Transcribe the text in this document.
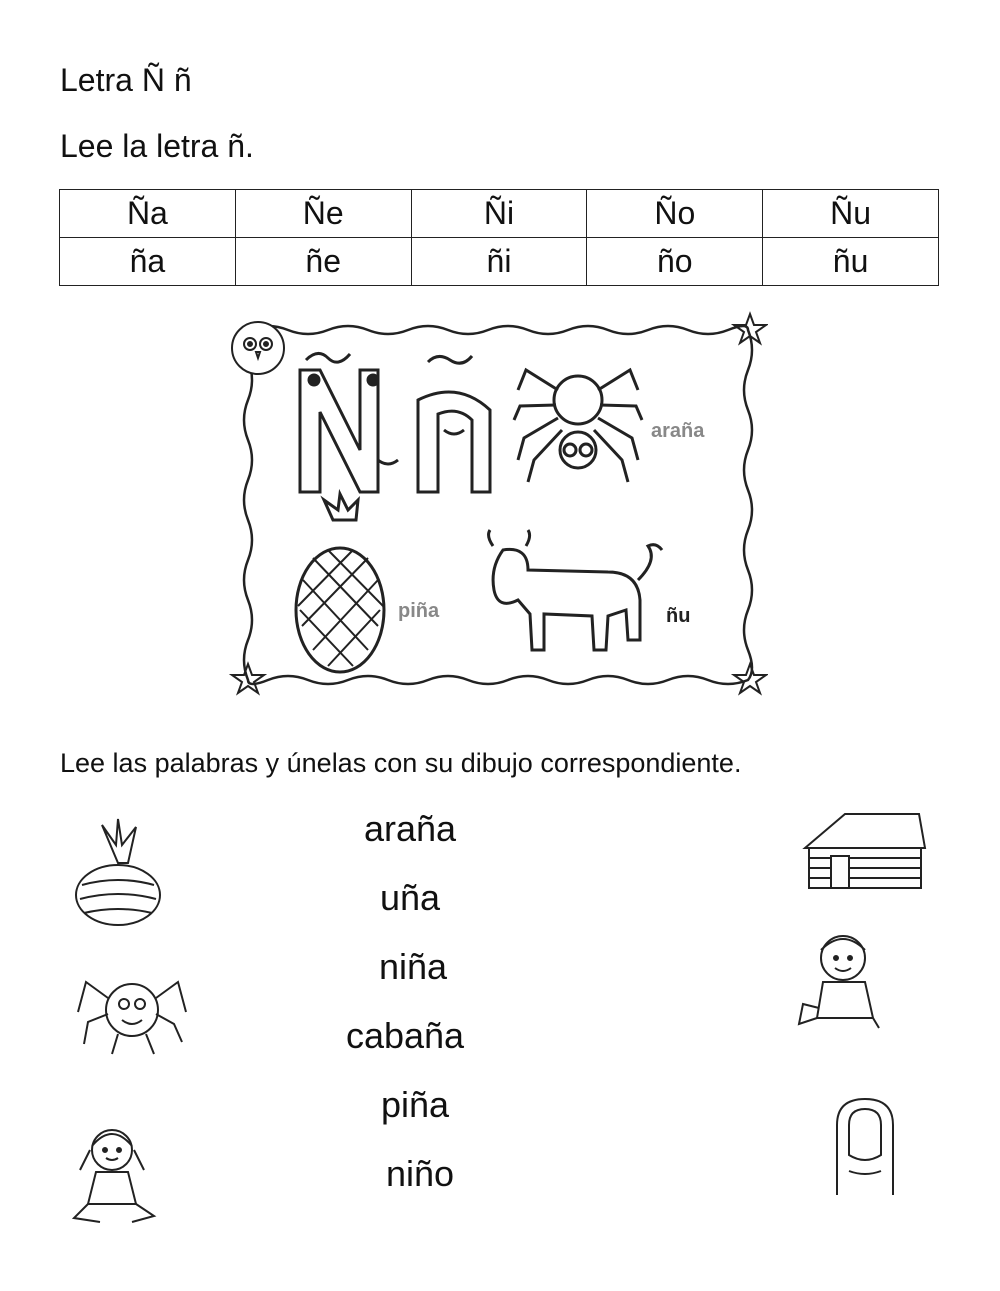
Letra Ñ ñ
Lee la letra ñ.
Ña	Ñe	Ñi	Ño	Ñu
ña	ñe	ñi	ño	ñu
araña
piña	ñu
Lee las palabras y únelas con su dibujo correspondiente.
araña
uña
niña
cabaña
piña
niño
